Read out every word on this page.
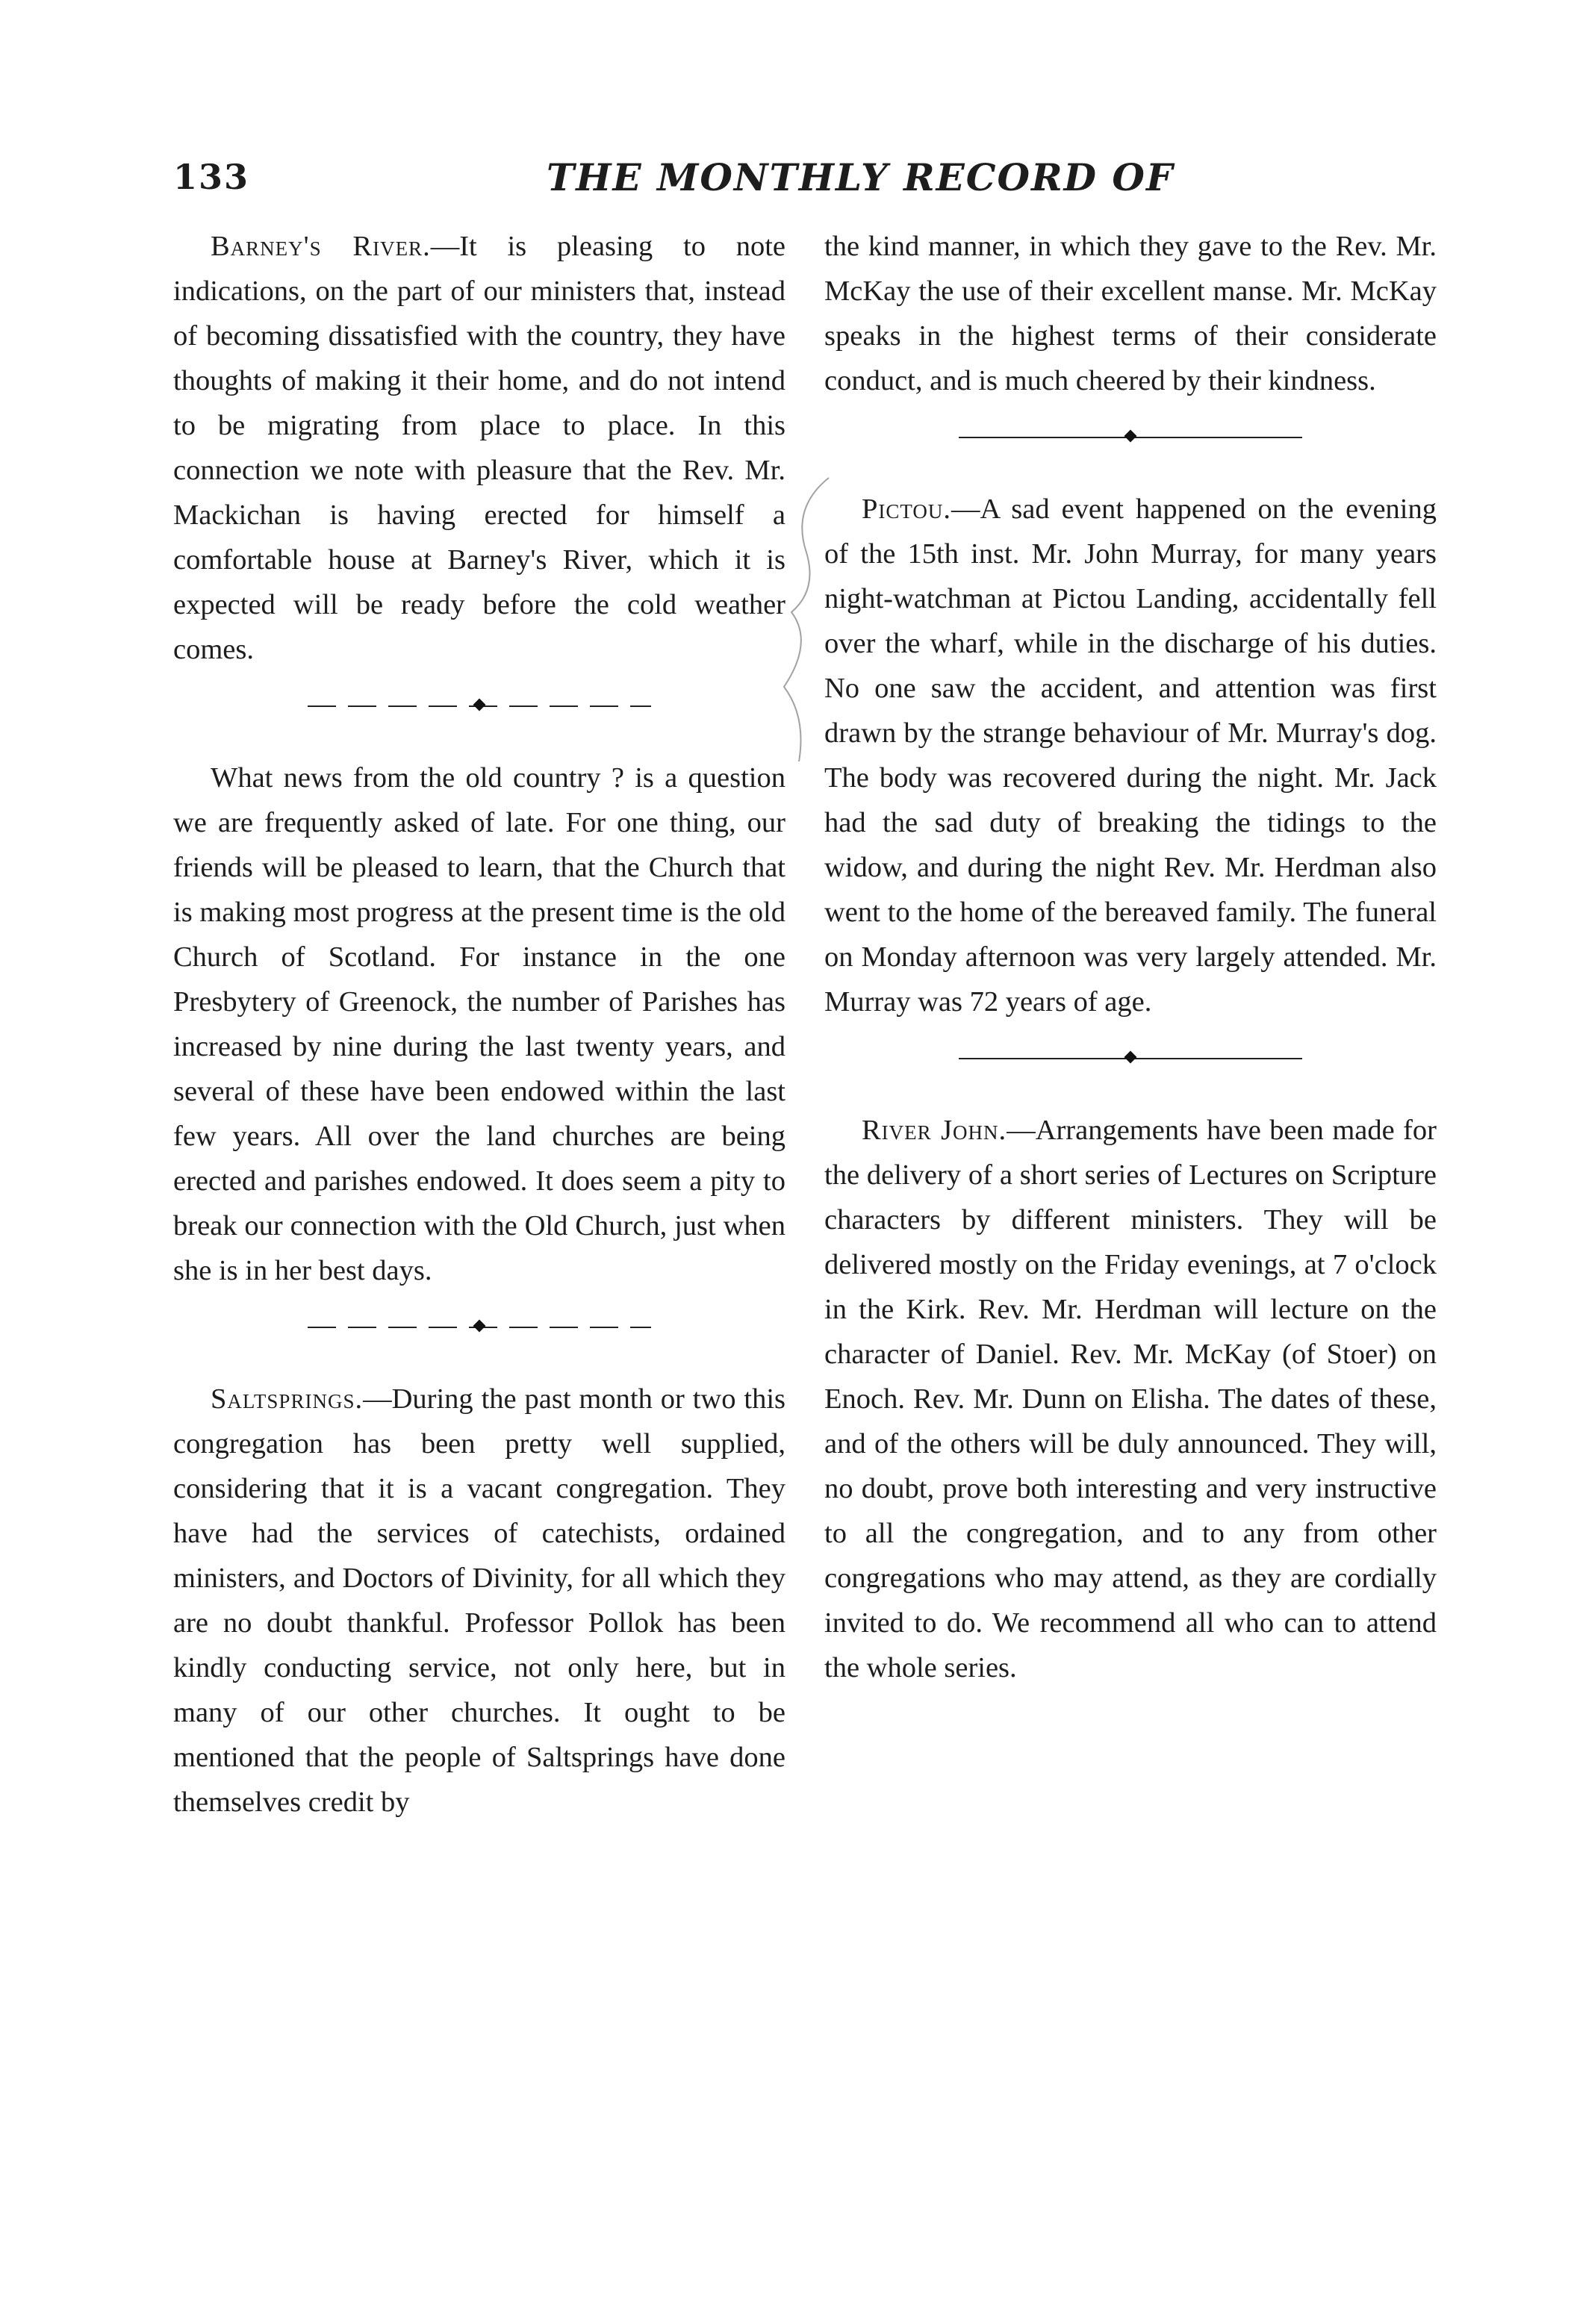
133	THE MONTHLY RECORD OF

Barney's River.—It is pleasing to note indications, on the part of our ministers that, instead of becoming dissatisfied with the country, they have thoughts of making it their home, and do not intend to be migrating from place to place. In this connection we note with pleasure that the Rev. Mr. Mackichan is having erected for himself a comfortable house at Barney's River, which it is expected will be ready before the cold weather comes.

What news from the old country ? is a question we are frequently asked of late. For one thing, our friends will be pleased to learn, that the Church that is making most progress at the present time is the old Church of Scotland. For instance in the one Presbytery of Greenock, the number of Parishes has increased by nine during the last twenty years, and several of these have been endowed within the last few years. All over the land churches are being erected and parishes endowed. It does seem a pity to break our connection with the Old Church, just when she is in her best days.

Saltsprings.—During the past month or two this congregation has been pretty well supplied, considering that it is a vacant congregation. They have had the services of catechists, ordained ministers, and Doctors of Divinity, for all which they are no doubt thankful. Professor Pollok has been kindly conducting service, not only here, but in many of our other churches. It ought to be mentioned that the people of Saltsprings have done themselves credit by

the kind manner, in which they gave to the Rev. Mr. McKay the use of their excellent manse. Mr. McKay speaks in the highest terms of their considerate conduct, and is much cheered by their kindness.

Pictou.—A sad event happened on the evening of the 15th inst. Mr. John Murray, for many years night-watchman at Pictou Landing, accidentally fell over the wharf, while in the discharge of his duties. No one saw the accident, and attention was first drawn by the strange behaviour of Mr. Murray's dog. The body was recovered during the night. Mr. Jack had the sad duty of breaking the tidings to the widow, and during the night Rev. Mr. Herdman also went to the home of the bereaved family. The funeral on Monday afternoon was very largely attended. Mr. Murray was 72 years of age.

River John.—Arrangements have been made for the delivery of a short series of Lectures on Scripture characters by different ministers. They will be delivered mostly on the Friday evenings, at 7 o'clock in the Kirk. Rev. Mr. Herdman will lecture on the character of Daniel. Rev. Mr. McKay (of Stoer) on Enoch. Rev. Mr. Dunn on Elisha. The dates of these, and of the others will be duly announced. They will, no doubt, prove both interesting and very instructive to all the congregation, and to any from other congregations who may attend, as they are cordially invited to do. We recommend all who can to attend the whole series.
